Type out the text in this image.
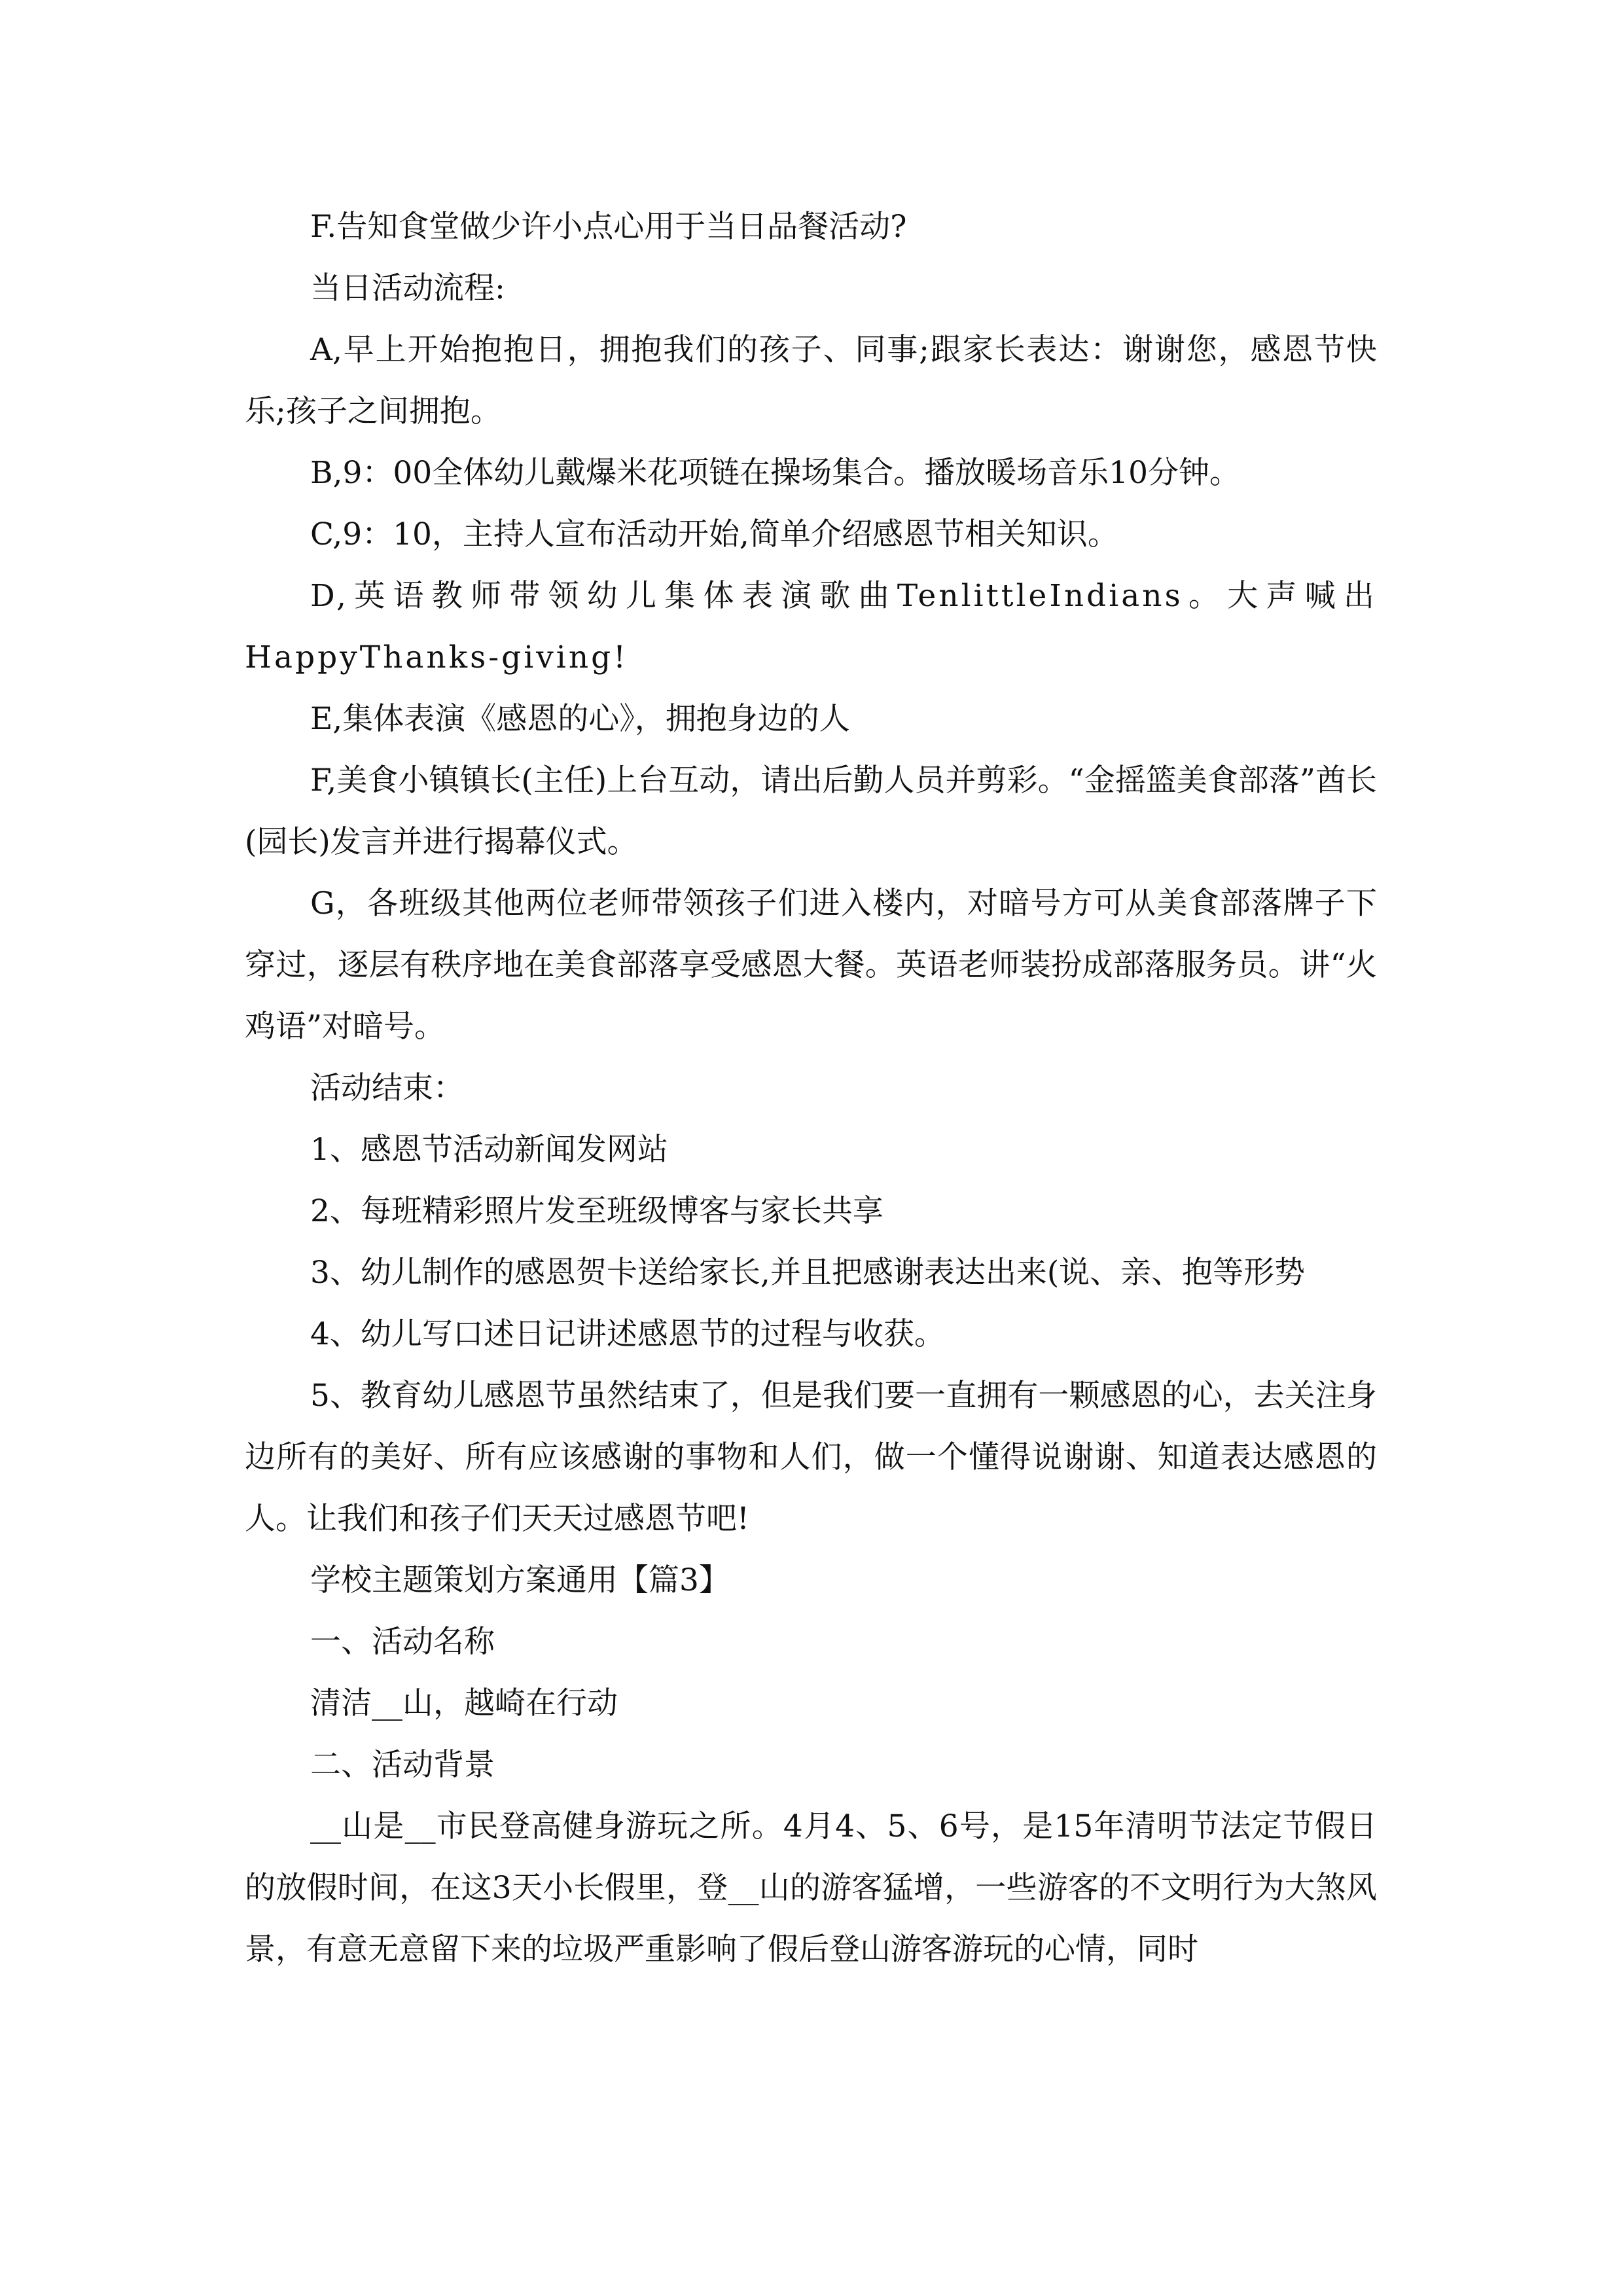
F.告知食堂做少许小点心用于当日品餐活动?

当日活动流程:

A,早上开始抱抱日，拥抱我们的孩子、同事;跟家长表达：谢谢您，感恩节快乐;孩子之间拥抱。

B,9：00全体幼儿戴爆米花项链在操场集合。播放暖场音乐10分钟。

C,9：10，主持人宣布活动开始,简单介绍感恩节相关知识。

D,英语教师带领幼儿集体表演歌曲TenlittleIndians。大声喊出HappyThanks-giving!

E,集体表演《感恩的心》，拥抱身边的人

F,美食小镇镇长(主任)上台互动，请出后勤人员并剪彩。“金摇篮美食部落”酋长(园长)发言并进行揭幕仪式。

G，各班级其他两位老师带领孩子们进入楼内，对暗号方可从美食部落牌子下穿过，逐层有秩序地在美食部落享受感恩大餐。英语老师装扮成部落服务员。讲“火鸡语”对暗号。

活动结束：

1、感恩节活动新闻发网站

2、每班精彩照片发至班级博客与家长共享

3、幼儿制作的感恩贺卡送给家长,并且把感谢表达出来(说、亲、抱等形势

4、幼儿写口述日记讲述感恩节的过程与收获。

5、教育幼儿感恩节虽然结束了，但是我们要一直拥有一颗感恩的心，去关注身边所有的美好、所有应该感谢的事物和人们，做一个懂得说谢谢、知道表达感恩的人。让我们和孩子们天天过感恩节吧!

学校主题策划方案通用【篇3】

一、活动名称

清洁__山，越崎在行动

二、活动背景

__山是__市民登高健身游玩之所。4月4、5、6号，是15年清明节法定节假日的放假时间，在这3天小长假里，登__山的游客猛增，一些游客的不文明行为大煞风景，有意无意留下来的垃圾严重影响了假后登山游客游玩的心情，同时
